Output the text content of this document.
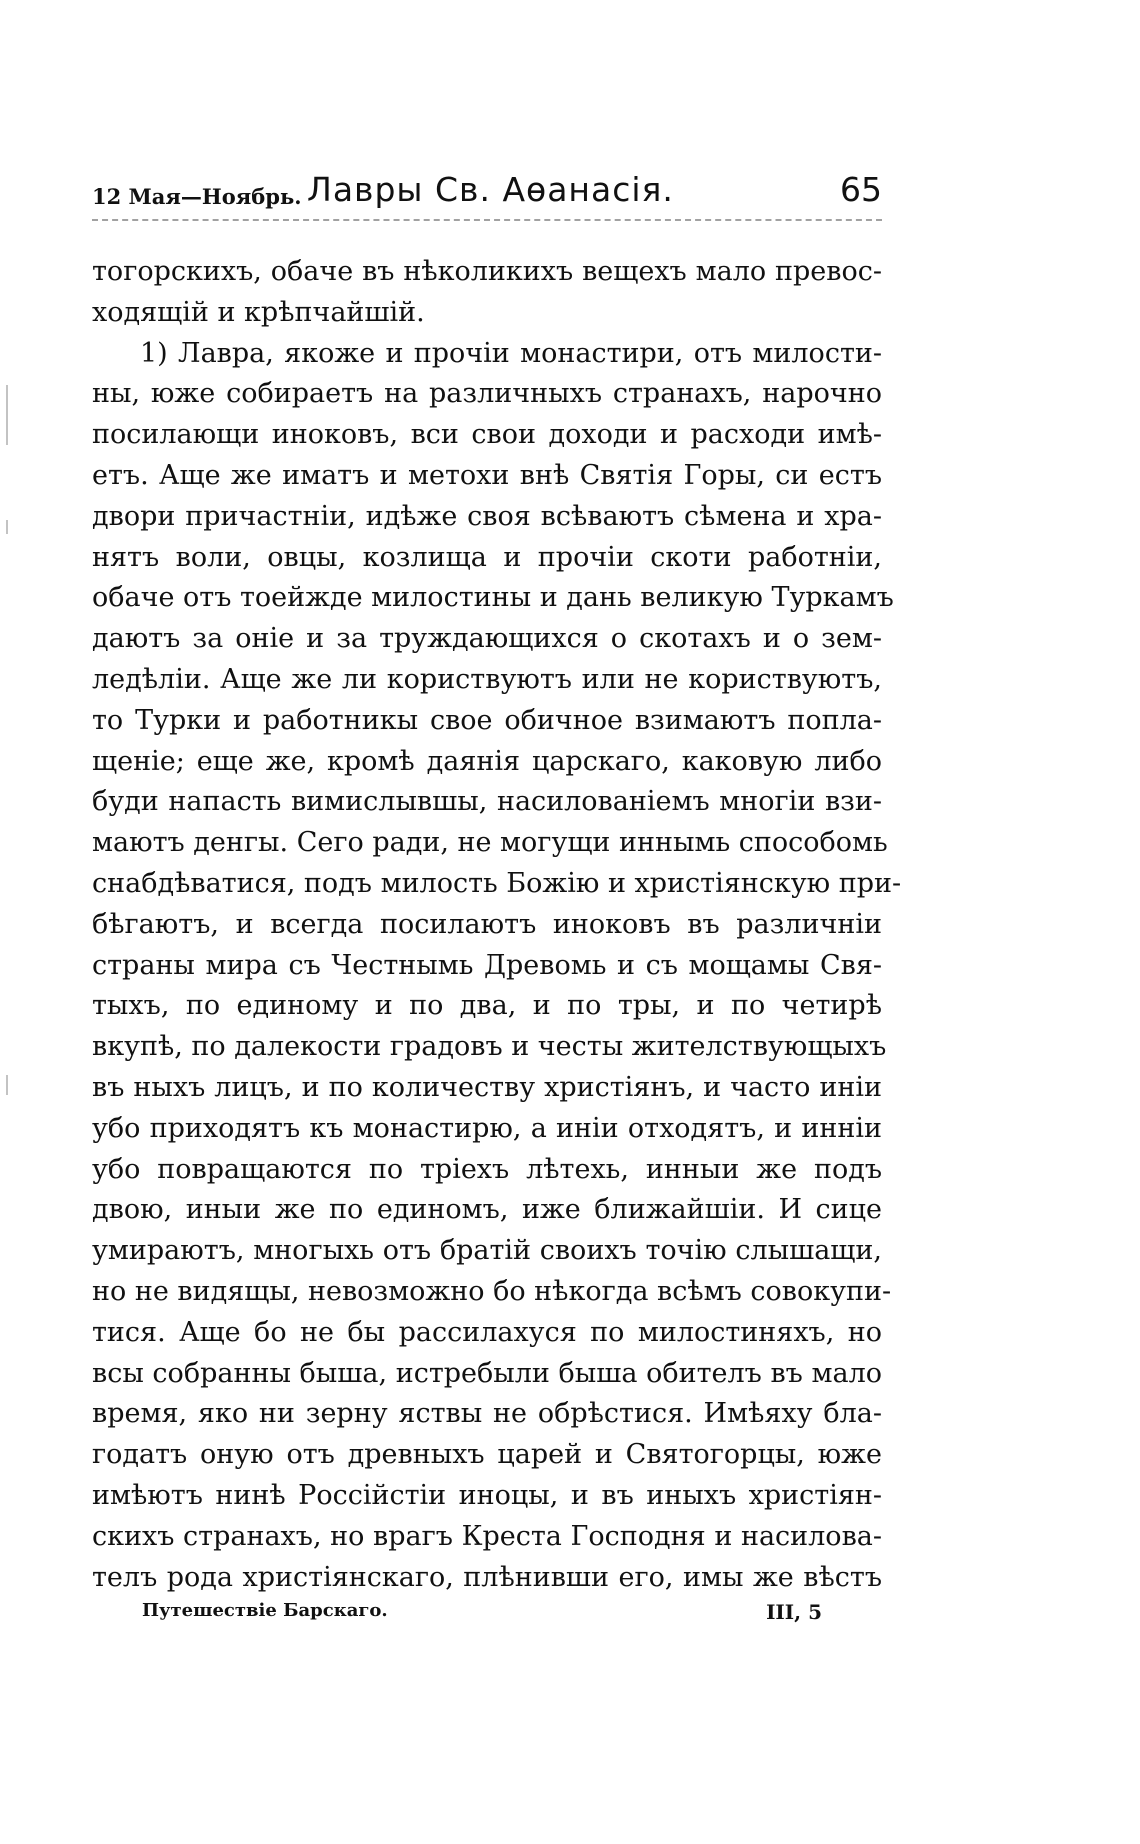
12 Мая—Ноябрь. Лавры Св. Аѳанасія.	65
тогорскихъ, обаче въ нѣколикихъ вещехъ мало превос-
ходящій и крѣпчайшій.
1) Лавра, якоже и прочіи монастири, отъ милости-
ны, юже собираетъ на различныхъ странахъ, нарочно
посилающи иноковъ, вси свои доходи и расходи имѣ-
етъ. Аще же иматъ и метохи внѣ Святія Горы, си естъ
двори причастніи, идѣже своя всѣваютъ сѣмена и хра-
нятъ воли, овцы, козлища и прочіи скоти работніи,
обаче отъ тоейжде милостины и дань великую Туркамъ
даютъ за оніе и за труждающихся о скотахъ и о зем-
ледѣліи. Аще же ли користвуютъ или не користвуютъ,
то Турки и работникы свое обичное взимаютъ попла-
щеніе; еще же, кромѣ даянія царскаго, каковую либо
буди напасть вимислывшы, насилованіемъ многіи взи-
маютъ денгы. Сего ради, не могущи иннымь способомь
снабдѣватися, подъ милость Божію и христіянскую при-
бѣгаютъ, и всегда посилаютъ иноковъ въ различніи
страны мира съ Честнымь Древомь и съ мощамы Свя-
тыхъ, по единому и по два, и по тры, и по четирѣ
вкупѣ, по далекости градовъ и честы жителствующыхъ
въ ныхъ лицъ, и по количеству христіянъ, и часто иніи
убо приходятъ къ монастирю, а иніи отходятъ, и инніи
убо повращаются по тріехъ лѣтехь, инныи же подъ
двою, иныи же по единомъ, иже ближайшіи. И сице
умираютъ, многыхь отъ братій своихъ точію слышащи,
но не видящы, невозможно бо нѣкогда всѣмъ совокупи-
тися. Аще бо не бы рассилахуся по милостиняхъ, но
всы собранны быша, истребыли быша обителъ въ мало
время, яко ни зерну яствы не обрѣстися. Имѣяху бла-
годатъ оную отъ древныхъ царей и Святогорцы, юже
имѣютъ нинѣ Россійстіи иноцы, и въ иныхъ христіян-
скихъ странахъ, но врагъ Креста Господня и насилова-
телъ рода христіянскаго, плѣнивши его, имы же вѣстъ
Путешествіе Барскаго.	III, 5
